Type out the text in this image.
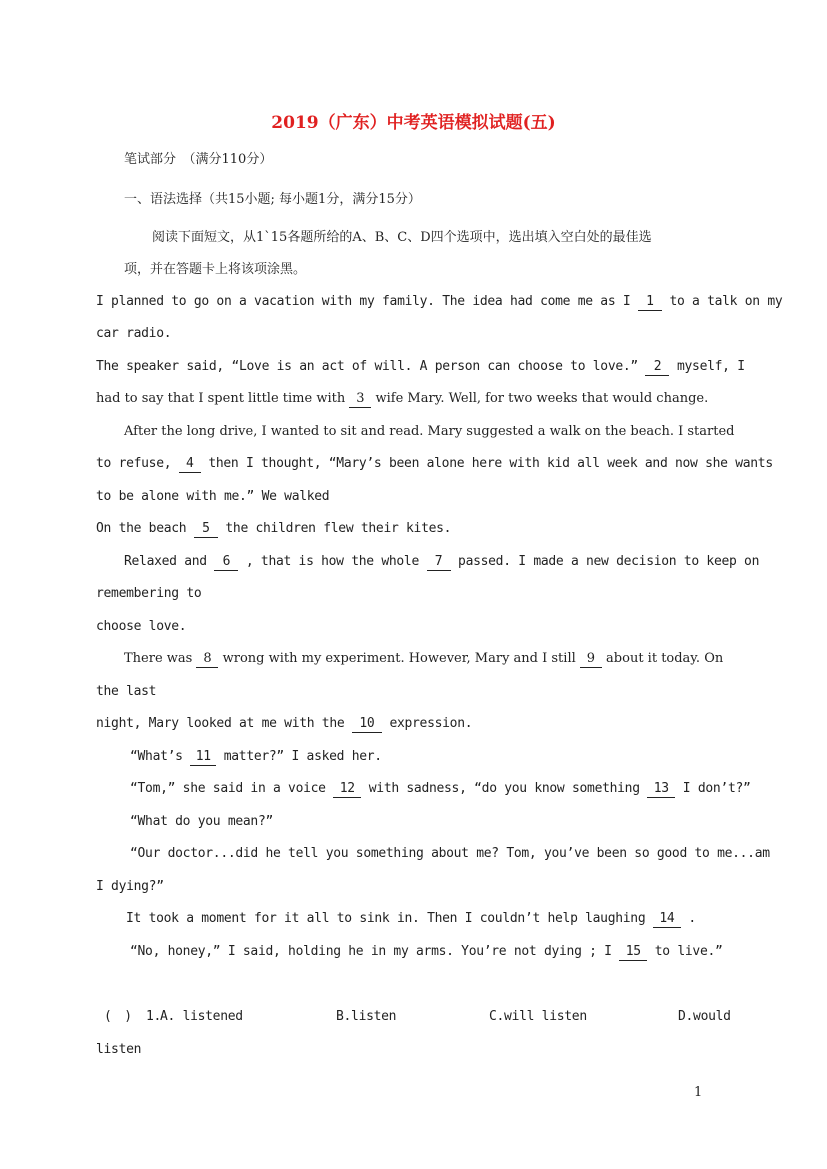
2019（广东）中考英语模拟试题(五)
笔试部分　（满分110分）
一、语法选择（共15小题; 每小题1分，满分15分）
阅读下面短文，从1`15各题所给的A、B、C、D四个选项中，选出填入空白处的最佳选
项，并在答题卡上将该项涂黑。
I planned to go on a vacation with my family. The idea had come me as I 1 to a talk on my
car radio.
The speaker said, “Love is an act of will. A person can choose to love.” 2 myself, I
had to say that I spent little time with 3 wife Mary. Well, for two weeks that would change.
After the long drive, I wanted to sit and read. Mary suggested a walk on the beach. I started
to refuse, 4 then I thought, “Mary’s been alone here with kid all week and now she wants
to be alone with me.” We walked
On the beach 5 the children flew their kites.
Relaxed and 6 , that is how the whole 7 passed. I made a new decision to keep on
remembering to
choose love.
There was 8 wrong with my experiment. However, Mary and I still 9 about it today. On
the last
night, Mary looked at me with the 10 expression.
“What’s 11 matter?” I asked her.
“Tom,” she said in a voice 12 with sadness, “do you know something 13 I don’t?”
“What do you mean?”
“Our doctor...did he tell you something about me? Tom, you’ve been so good to me...am
I dying?”
It took a moment for it all to sink in. Then I couldn’t help laughing 14 .
“No, honey,” I said, holding he in my arms. You’re not dying ; I 15 to live.”
(　) 1.
A. listened	B.listen	C.will listen	D.would
listen
1
